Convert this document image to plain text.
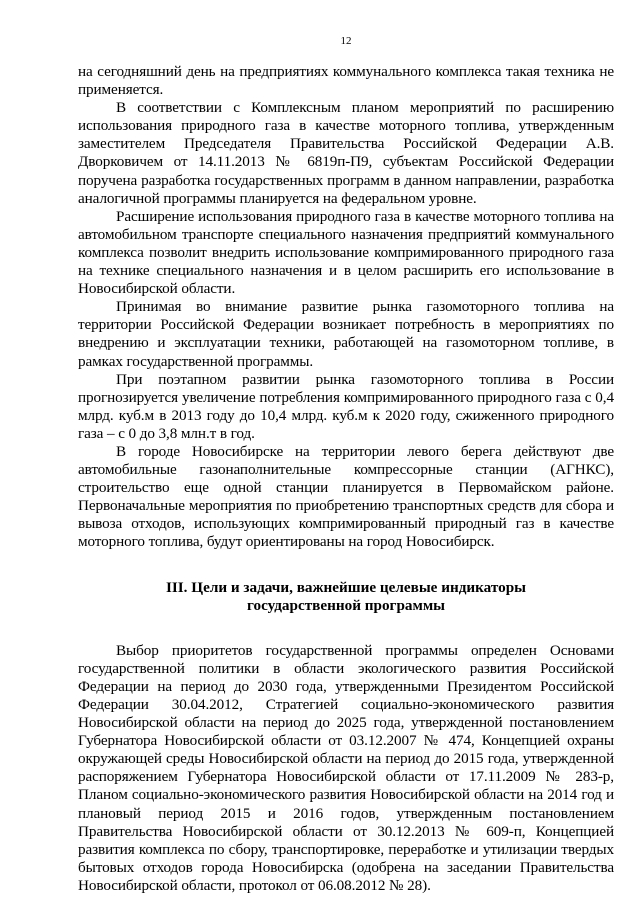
12

на сегодняшний день на предприятиях коммунального комплекса такая техника не применяется.

В соответствии с Комплексным планом мероприятий по расширению использования природного газа в качестве моторного топлива, утвержденным заместителем Председателя Правительства Российской Федерации А.В. Дворковичем от 14.11.2013 № 6819п-П9, субъектам Российской Федерации поручена разработка государственных программ в данном направлении, разработка аналогичной программы планируется на федеральном уровне.

Расширение использования природного газа в качестве моторного топлива на автомобильном транспорте специального назначения предприятий коммунального комплекса позволит внедрить использование компримированного природного газа на технике специального назначения и в целом расширить его использование в Новосибирской области.

Принимая во внимание развитие рынка газомоторного топлива на территории Российской Федерации возникает потребность в мероприятиях по внедрению и эксплуатации техники, работающей на газомоторном топливе, в рамках государственной программы.

При поэтапном развитии рынка газомоторного топлива в России прогнозируется увеличение потребления компримированного природного газа с 0,4 млрд. куб.м в 2013 году до 10,4 млрд. куб.м к 2020 году, сжиженного природного газа – с 0 до 3,8 млн.т в год.

В городе Новосибирске на территории левого берега действуют две автомобильные газонаполнительные компрессорные станции (АГНКС), строительство еще одной станции планируется в Первомайском районе. Первоначальные мероприятия по приобретению транспортных средств для сбора и вывоза отходов, использующих компримированный природный газ в качестве моторного топлива, будут ориентированы на город Новосибирск.

III. Цели и задачи, важнейшие целевые индикаторы
государственной программы

Выбор приоритетов государственной программы определен Основами государственной политики в области экологического развития Российской Федерации на период до 2030 года, утвержденными Президентом Российской Федерации 30.04.2012, Стратегией социально-экономического развития Новосибирской области на период до 2025 года, утвержденной постановлением Губернатора Новосибирской области от 03.12.2007 № 474, Концепцией охраны окружающей среды Новосибирской области на период до 2015 года, утвержденной распоряжением Губернатора Новосибирской области от 17.11.2009 № 283-р, Планом социально-экономического развития Новосибирской области на 2014 год и плановый период 2015 и 2016 годов, утвержденным постановлением Правительства Новосибирской области от 30.12.2013 № 609-п, Концепцией развития комплекса по сбору, транспортировке, переработке и утилизации твердых бытовых отходов города Новосибирска (одобрена на заседании Правительства Новосибирской области, протокол от 06.08.2012 № 28).
